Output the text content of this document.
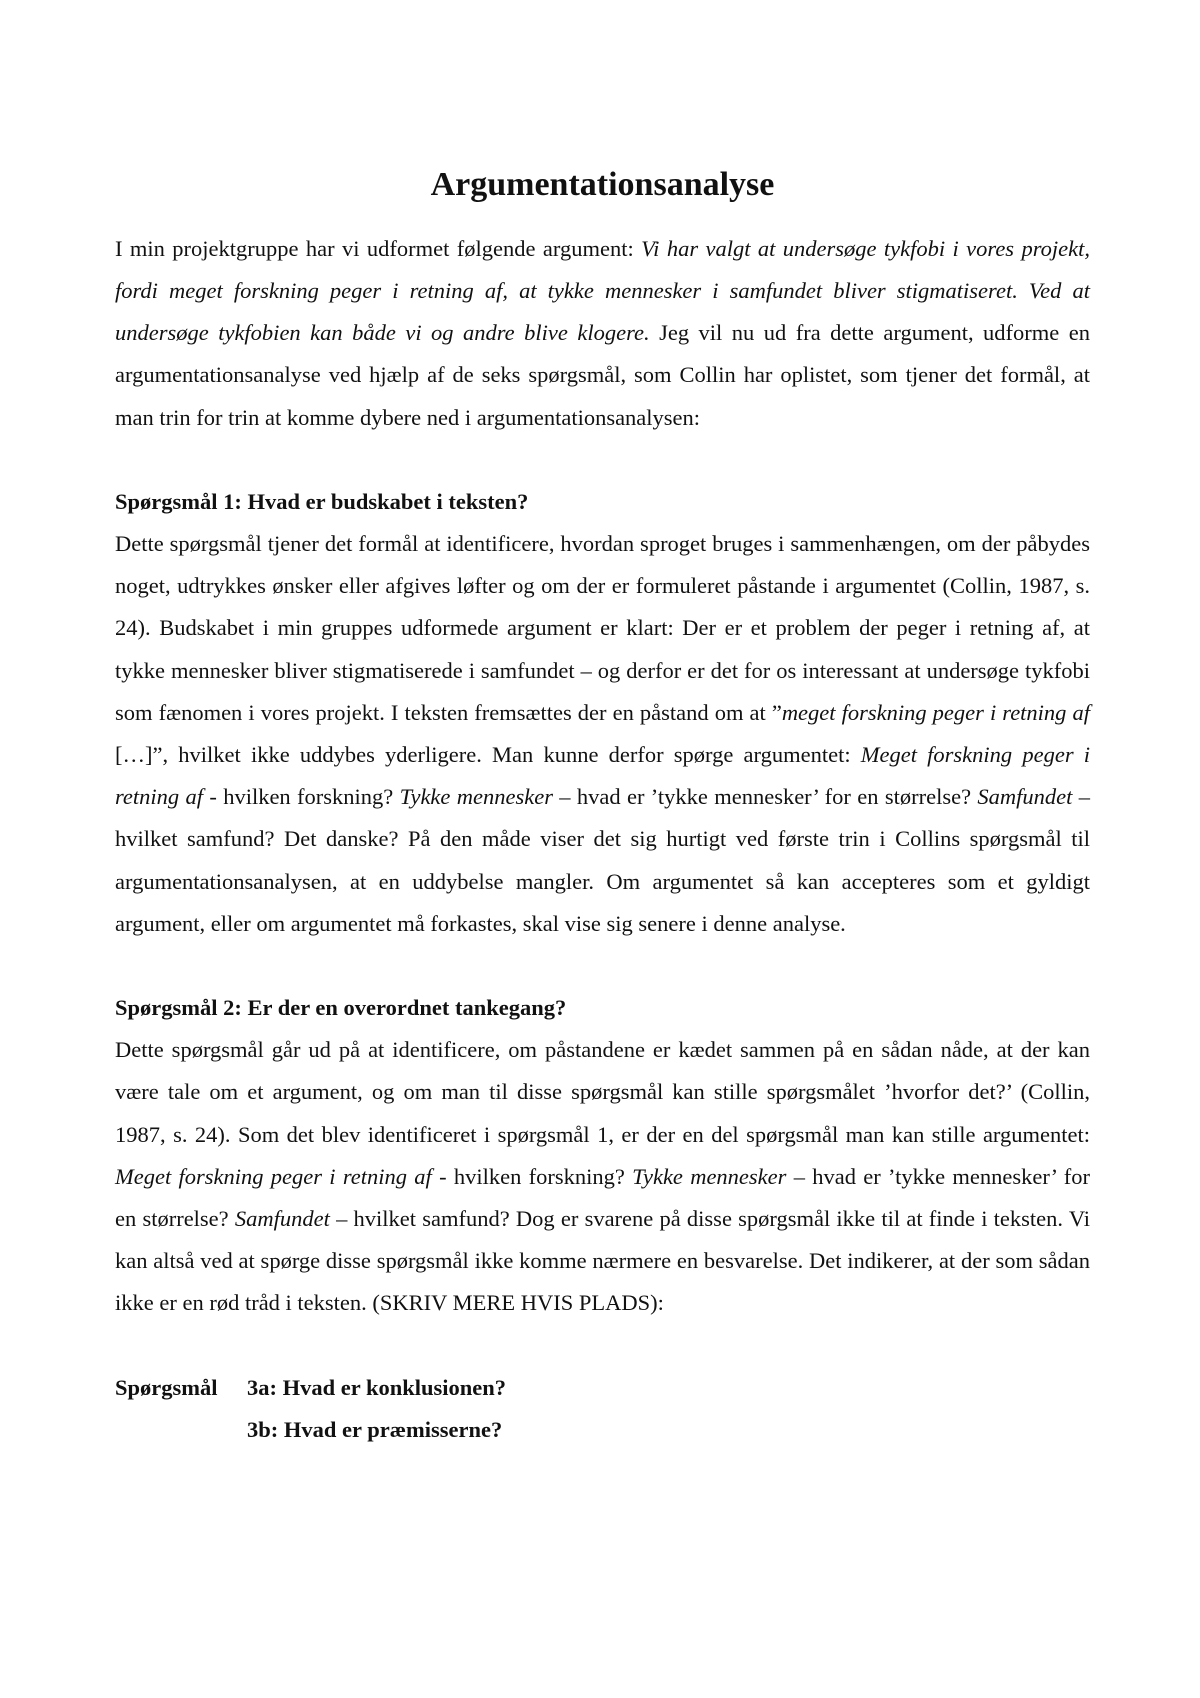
Argumentationsanalyse

I min projektgruppe har vi udformet følgende argument: Vi har valgt at undersøge tykfobi i vores projekt, fordi meget forskning peger i retning af, at tykke mennesker i samfundet bliver stigmatiseret. Ved at undersøge tykfobien kan både vi og andre blive klogere. Jeg vil nu ud fra dette argument, udforme en argumentationsanalyse ved hjælp af de seks spørgsmål, som Collin har oplistet, som tjener det formål, at man trin for trin at komme dybere ned i argumentationsanalysen:

Spørgsmål 1: Hvad er budskabet i teksten?

Dette spørgsmål tjener det formål at identificere, hvordan sproget bruges i sammenhængen, om der påbydes noget, udtrykkes ønsker eller afgives løfter og om der er formuleret påstande i argumentet (Collin, 1987, s. 24). Budskabet i min gruppes udformede argument er klart: Der er et problem der peger i retning af, at tykke mennesker bliver stigmatiserede i samfundet – og derfor er det for os interessant at undersøge tykfobi som fænomen i vores projekt. I teksten fremsættes der en påstand om at ”meget forskning peger i retning af […]”, hvilket ikke uddybes yderligere. Man kunne derfor spørge argumentet: Meget forskning peger i retning af - hvilken forskning? Tykke mennesker – hvad er ’tykke mennesker’ for en størrelse? Samfundet – hvilket samfund? Det danske? På den måde viser det sig hurtigt ved første trin i Collins spørgsmål til argumentationsanalysen, at en uddybelse mangler. Om argumentet så kan accepteres som et gyldigt argument, eller om argumentet må forkastes, skal vise sig senere i denne analyse.

Spørgsmål 2: Er der en overordnet tankegang?

Dette spørgsmål går ud på at identificere, om påstandene er kædet sammen på en sådan nåde, at der kan være tale om et argument, og om man til disse spørgsmål kan stille spørgsmålet ’hvorfor det?’ (Collin, 1987, s. 24). Som det blev identificeret i spørgsmål 1, er der en del spørgsmål man kan stille argumentet: Meget forskning peger i retning af - hvilken forskning? Tykke mennesker – hvad er ’tykke mennesker’ for en størrelse? Samfundet – hvilket samfund? Dog er svarene på disse spørgsmål ikke til at finde i teksten. Vi kan altså ved at spørge disse spørgsmål ikke komme nærmere en besvarelse. Det indikerer, at der som sådan ikke er en rød tråd i teksten. (SKRIV MERE HVIS PLADS):

Spørgsmål	3a: Hvad er konklusionen?
3b: Hvad er præmisserne?
